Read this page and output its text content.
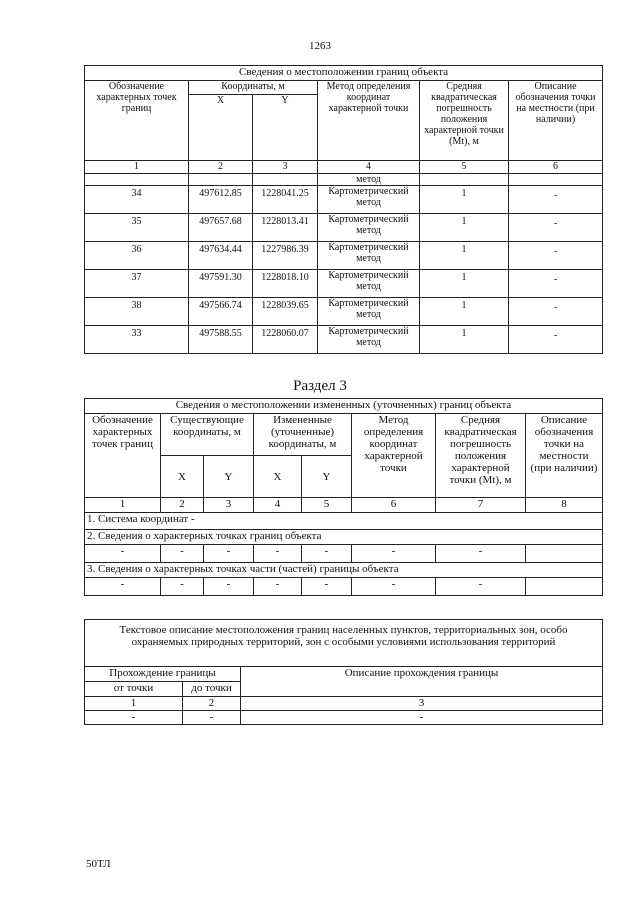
1263
Сведения о местоположении границ объекта					
Обозначение характерных точек границ	Координаты, м		Метод определения координат характерной точки	Средняя квадратическая погрешность положения характерной точки (Mt), м	Описание обозначения точки на местности (при наличии)
	X	Y			
1	2	3	4	5	6
			метод		
34	497612.85	1228041.25	Картометрический метод	1	-
35	497657.68	1228013.41	Картометрический метод	1	-
36	497634.44	1227986.39	Картометрический метод	1	-
37	497591.30	1228018.10	Картометрический метод	1	-
38	497566.74	1228039.65	Картометрический метод	1	-
33	497588.55	1228060.07	Картометрический метод	1	-
Раздел 3
Сведения о местоположении измененных (уточненных) границ объекта							
Обозначение характерных точек границ	Существующие координаты, м		Измененные (уточненные) координаты, м		Метод определения координат характерной точки	Средняя квадратическая погрешность положения характерной точки (Mt), м	Описание обозначения точки на местности (при наличии)
	X	Y	X	Y			
1	2	3	4	5	6	7	8
1. Система координат -							
2. Сведения о характерных точках границ объекта							
-	-	-	-	-	-	-	
3. Сведения о характерных точках части (частей) границы объекта							
-	-	-	-	-	-	-	
Текстовое описание местоположения границ населенных пунктов, территориальных зон, особо охраняемых природных территорий, зон с особыми условиями использования территорий		
Прохождение границы		Описание прохождения границы
от точки	до точки	
1	2	3
-	-	-
50ТЛ
